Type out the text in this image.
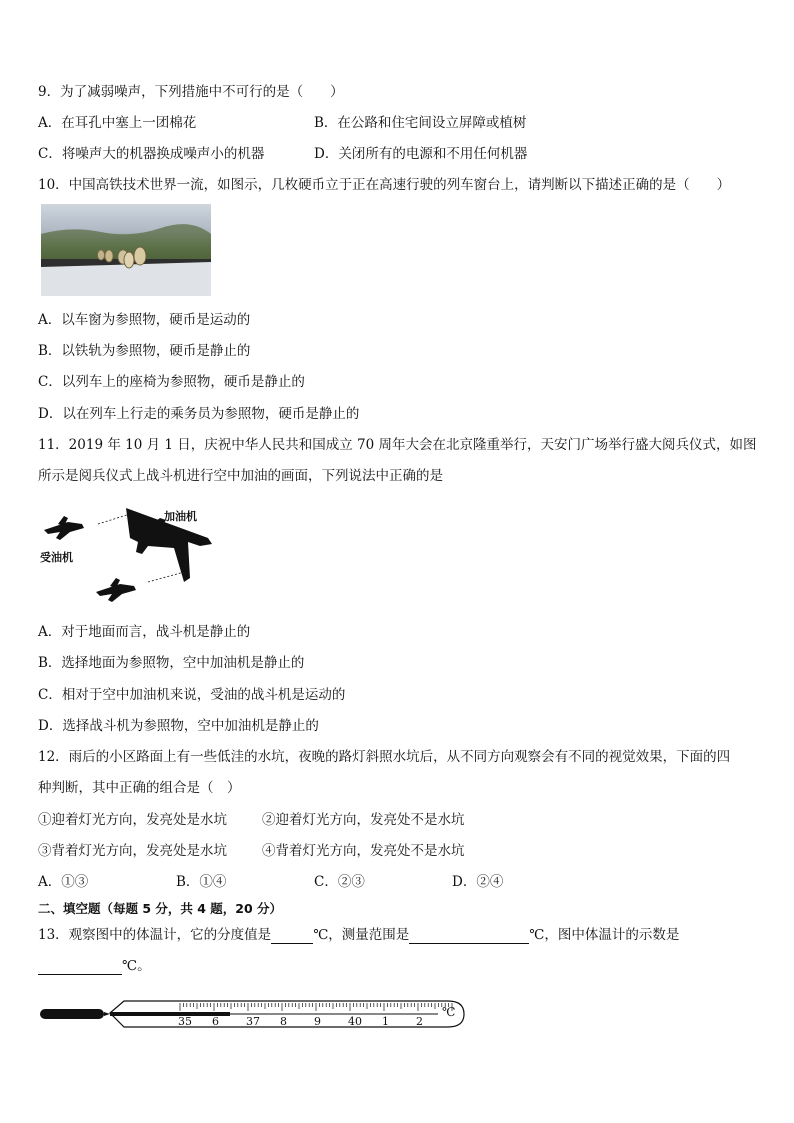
9．为了减弱噪声，下列措施中不可行的是（　　）
A．在耳孔中塞上一团棉花	B．在公路和住宅间设立屏障或植树
C．将噪声大的机器换成噪声小的机器	D．关闭所有的电源和不用任何机器
10．中国高铁技术世界一流，如图示，几枚硬币立于正在高速行驶的列车窗台上，请判断以下描述正确的是（　　）
A．以车窗为参照物，硬币是运动的
B．以铁轨为参照物，硬币是静止的
C．以列车上的座椅为参照物，硬币是静止的
D．以在列车上行走的乘务员为参照物，硬币是静止的
11．2019 年 10 月 1 日，庆祝中华人民共和国成立 70 周年大会在北京隆重举行，天安门广场举行盛大阅兵仪式，如图
所示是阅兵仪式上战斗机进行空中加油的画面，下列说法中正确的是
加油机
受油机
A．对于地面而言，战斗机是静止的
B．选择地面为参照物，空中加油机是静止的
C．相对于空中加油机来说，受油的战斗机是运动的
D．选择战斗机为参照物，空中加油机是静止的
12．雨后的小区路面上有一些低洼的水坑，夜晚的路灯斜照水坑后，从不同方向观察会有不同的视觉效果，下面的四
种判断，其中正确的组合是（　）
①迎着灯光方向，发亮处是水坑	②迎着灯光方向，发亮处不是水坑
③背着灯光方向，发亮处是水坑	④背着灯光方向，发亮处不是水坑
A．①③	B．①④	C．②③	D．②④
二、填空题（每题 5 分，共 4 题，20 分）
13．观察图中的体温计，它的分度值是	℃，测量范围是	℃，图中体温计的示数是
℃。
35 6 37 8 9 40 1 2
℃
